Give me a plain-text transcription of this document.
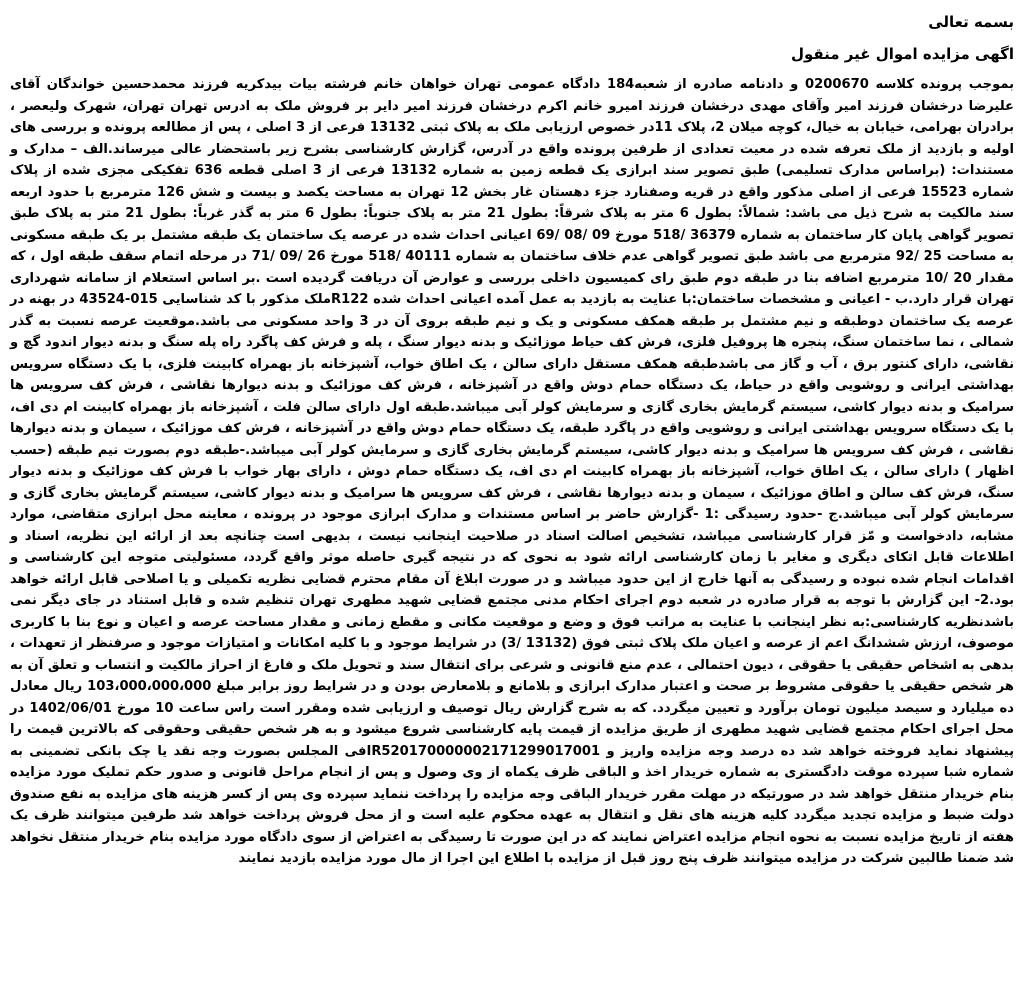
بسمه تعالی

اگهی مزایده اموال غیر منقول

بموجب پرونده کلاسه 0200670 و دادنامه صادره از شعبه184 دادگاه عمومی تهران خواهان خانم فرشته بیات بیدکریه فرزند محمدحسین خواندگان آقای علیرضا درخشان فرزند امیر وآقای مهدی درخشان فرزند امیرو خانم اکرم درخشان فرزند امیر دایر بر فروش ملک به ادرس تهران تهران، شهرک ولیعصر ، برادران بهرامی، خیابان به خیال، کوچه میلان 2، پلاک 11در خصوص ارزیابی ملک به پلاک ثبتی 13132 فرعی از 3 اصلی ، پس از مطالعه پرونده و بررسی های اولیه و بازدید از ملک تعرفه شده در معیت تعدادی از طرفین پرونده واقع در آدرس، گزارش کارشناسی بشرح زیر باستحضار عالی میرساند.الف – مدارک و مستندات: (براساس مدارک تسلیمی) طبق تصویر سند ابرازی یک قطعه زمین به شماره 13132 فرعی از 3 اصلی قطعه 636 تفکیکی مجزی شده از پلاک شماره 15523 فرعی از اصلی مذکور واقع در قریه وصفنارد جزء دهستان غار بخش 12 تهران به مساحت یکصد و بیست و شش 126 مترمربع با حدود اربعه سند مالکیت به شرح ذیل می باشد: شمالاً: بطول 6 متر به پلاک شرقاً: بطول 21 متر به پلاک جنوباً: بطول 6 متر به گذر غرباً: بطول 21 متر به پلاک طبق تصویر گواهی پایان کار ساختمان به شماره 36379 /518 مورخ 09 /08 /69 اعیانی احداث شده در عرصه یک ساختمان یک طبقه مشتمل بر یک طبقه مسکونی به مساحت 25 /92 مترمربع می باشد طبق تصویر گواهی عدم خلاف ساختمان به شماره 40111 /518 مورخ 26 /09 /71 در مرحله اتمام سقف طبقه اول ، که مقدار 20 /10 مترمربع اضافه بنا در طبقه دوم طبق رای کمیسیون داخلی بررسی و عوارض آن دریافت گردیده است .بر اساس استعلام از سامانه شهرداری تهران قرار دارد.ب - اعیانی و مشخصات ساختمان:با عنایت به بازدید به عمل آمده اعیانی احداث شده R122ملک مذکور با کد شناسایی 015-43524 در بهنه در عرصه یک ساختمان دوطبقه و نیم مشتمل بر طبقه همکف مسکونی و یک و نیم طبقه بروی آن در 3 واحد مسکونی می باشد.موقعیت عرصه نسبت به گذر شمالی ، نما ساختمان سنگ، پنجره ها پروفیل فلزی، فرش کف حیاط موزائیک و بدنه دیوار سنگ ، پله و فرش کف پاگرد راه پله سنگ و بدنه دیوار اندود گچ و نقاشی، دارای کنتور برق ، آب و گاز می باشدطبقه همکف مستقل دارای سالن ، یک اطاق خواب، آشپزخانه باز بهمراه کابینت فلزی، با یک دستگاه سرویس بهداشتی ایرانی و روشویی واقع در حیاط، یک دستگاه حمام دوش واقع در آشپزخانه ، فرش کف موزائیک و بدنه دیوارها نقاشی ، فرش کف سرویس ها سرامیک و بدنه دیوار کاشی، سیستم گرمایش بخاری گازی و سرمایش کولر آبی میباشد.طبقه اول دارای سالن فلت ، آشپزخانه باز بهمراه کابینت ام دی اف، با یک دستگاه سرویس بهداشتی ایرانی و روشویی واقع در پاگرد طبقه، یک دستگاه حمام دوش واقع در آشپزخانه ، فرش کف موزائیک ، سیمان و بدنه دیوارها نقاشی ، فرش کف سرویس ها سرامیک و بدنه دیوار کاشی، سیستم گرمایش بخاری گازی و سرمایش کولر آبی میباشد.-طبقه دوم بصورت نیم طبقه (حسب اظهار ) دارای سالن ، یک اطاق خواب، آشپزخانه باز بهمراه کابینت ام دی اف، یک دستگاه حمام دوش ، دارای بهار خواب با فرش کف موزائیک و بدنه دیوار سنگ، فرش کف سالن و اطاق موزائیک ، سیمان و بدنه دیوارها نقاشی ، فرش کف سرویس ها سرامیک و بدنه دیوار کاشی، سیستم گرمایش بخاری گازی و سرمایش کولر آبی میباشد.ج -حدود رسیدگی :1 -گزارش حاضر بر اساس مستندات و مدارک ابرازی موجود در پرونده ، معاینه محل ابرازی متقاضی، موارد مشابه، دادخواست و مّز قرار کارشناسی میباشد، تشخیص اصالت اسناد در صلاحیت اینجانب نیست ، بدیهی است چنانچه بعد از ارائه این نظریه، اسناد و اطلاعات قابل اتکای دیگری و مغایر با زمان کارشناسی ارائه شود به نحوی که در نتیجه گیری حاصله موثر واقع گردد، مسئولیتی متوجه این کارشناسی و اقدامات انجام شده نبوده و رسیدگی به آنها خارج از این حدود میباشد و در صورت ابلاغ آن مقام محترم قضایی نظریه تکمیلی و یا اصلاحی قابل ارائه خواهد بود.2- این گزارش با توجه به قرار صادره در شعبه دوم اجرای احکام مدنی مجتمع قضایی شهید مطهری تهران تنظیم شده و قابل استناد در جای دیگر نمی باشدنظریه کارشناسی:به نظر اینجانب با عنایت به مراتب فوق و وضع و موقعیت مکانی و مقطع زمانی و مقدار مساحت عرصه و اعیان و نوع بنا با کاربری موصوف، ارزش ششدانگ اعم از عرصه و اعیان ملک پلاک ثبتی فوق (13132 /3) در شرایط موجود و با کلیه امکانات و امتیازات موجود و صرفنظر از تعهدات ، بدهی به اشخاص حقیقی یا حقوقی ، دیون احتمالی ، عدم منع قانونی و شرعی برای انتقال سند و تحویل ملک و فارغ از احراز مالکیت و انتساب و تعلق آن به هر شخص حقیقی یا حقوقی مشروط بر صحت و اعتبار مدارک ابرازی و بلامانع و بلامعارض بودن و در شرایط روز برابر مبلغ 103،000،000،000 ریال معادل ده میلیارد و سیصد میلیون تومان برآورد و تعیین میگردد. که به شرح گزارش ریال توصیف و ارزیابی شده ومقرر است راس ساعت 10 مورخ 1402/06/01 در محل اجرای احکام مجتمع قضایی شهید مطهری از طریق مزایده از قیمت پایه کارشناسی شروع میشود و به هر شخص حقیقی وحقوقی که بالاترین قیمت را پیشنهاد نماید فروخته خواهد شد ده درصد وجه مزایده وارپز و IR520170000002171299017001فی المجلس بصورت وجه نقد یا چک بانکی تضمینی به شماره شبا سپرده موقت دادگستری به شماره خریدار اخذ و الباقی ظرف یکماه از وی وصول و پس از انجام مراحل قانونی و صدور حکم تملیک مورد مزایده بنام خریدار منتقل خواهد شد در صورتیکه در مهلت مقرر خریدار الباقی وجه مزایده را پرداخت ننماید سپرده وی پس از کسر هزینه های مزایده به نفع صندوق دولت ضبط و مزایده تجدید میگردد کلیه هزینه های نقل و انتقال به عهده محکوم علیه است و از محل فروش پرداخت خواهد شد طرفین میتوانند ظرف یک هفته از تاریخ مزایده نسبت به نحوه انجام مزایده اعتراض نمایند که در این صورت تا رسیدگی به اعتراض از سوی دادگاه مورد مزایده بنام خریدار منتقل نخواهد شد ضمنا طالبین شرکت در مزایده میتوانند ظرف پنج روز قبل از مزایده با اطلاع این اجرا از مال مورد مزایده بازدید نمایند
